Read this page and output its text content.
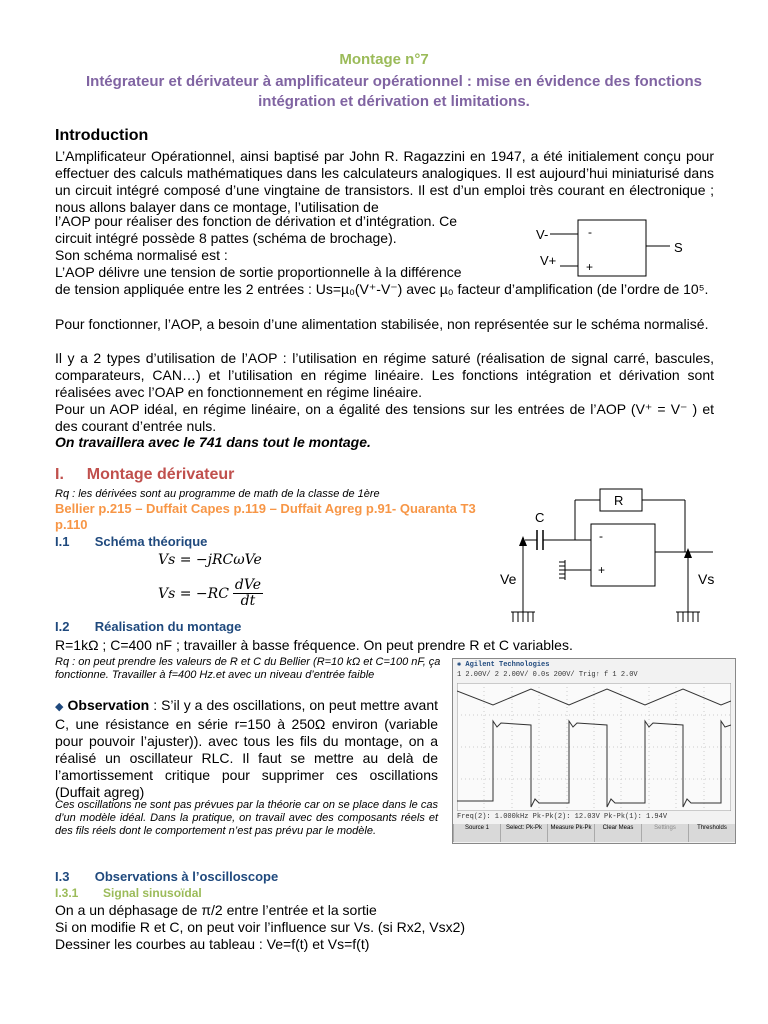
Montage n°7
Intégrateur et dérivateur à amplificateur opérationnel : mise en évidence des fonctions intégration et dérivation et limitations.
Introduction
L’Amplificateur Opérationnel, ainsi baptisé par John R. Ragazzini en 1947, a été initialement conçu pour effectuer des calculs mathématiques dans les calculateurs analogiques. Il est aujourd’hui miniaturisé dans un circuit intégré composé d’une vingtaine de transistors. Il est d’un emploi très courant en électronique ; nous allons balayer dans ce montage, l’utilisation de
l’AOP pour réaliser des fonction de dérivation et d’intégration. Ce
circuit intégré possède 8 pattes (schéma de brochage).
Son schéma normalisé est :
L’AOP délivre une tension de sortie proportionnelle à la différence
de tension appliquée entre les 2 entrées : Us=µ₀(V⁺-V⁻) avec µ₀ facteur d’amplification (de l’ordre de 10⁵.
Pour fonctionner, l’AOP, a besoin d’une alimentation stabilisée, non représentée sur le schéma normalisé.
Il y a 2 types d’utilisation de l’AOP : l’utilisation en régime saturé (réalisation de signal carré, bascules, comparateurs, CAN…) et l’utilisation en régime linéaire. Les fonctions intégration et dérivation sont réalisées avec l’OAP en fonctionnement en régime linéaire.
Pour un AOP idéal, en régime linéaire, on a égalité des tensions sur les entrées de l’AOP (V⁺ = V⁻ ) et des courant d’entrée nuls.
On travaillera avec le 741 dans tout le montage.
V-
V+
-
+
S
I. Montage dérivateur
Rq : les dérivées sont au programme de math de la classe de 1ère
Bellier p.215 – Duffait Capes p.119 – Duffait Agreg p.91- Quaranta T3 p.110
I.1 Schéma théorique
Vs = −jRCωVe
Vs = −RC
dVe
dt
R
C
-
+
Ve	Vs
I.2 Réalisation du montage
R=1kΩ ; C=400 nF ; travailler à basse fréquence. On peut prendre R et C variables.
Rq : on peut prendre les valeurs de R et C du Bellier (R=10 kΩ et C=100 nF, ça fonctionne. Travailler à f=400 Hz.et avec un niveau d’entrée faible
◆ Observation : S’il y a des oscillations, on peut mettre avant C, une résistance en série r=150 à 250Ω environ (variable pour pouvoir l’ajuster)). avec tous les fils du montage, on a réalisé un oscillateur RLC. Il faut se mettre au delà de l’amortissement critique pour supprimer ces oscillations (Duffait agreg)
Ces oscillations ne sont pas prévues par la théorie car on se place dans le cas d’un modèle idéal. Dans la pratique, on travail avec des composants réels et des fils réels dont le comportement n’est pas prévu par le modèle.
✺ Agilent Technologies
1 2.00V/ 2 2.00V/ 0.0s 200V/ Trig↑ f 1 2.0V
Freq(2): 1.000kHz Pk-Pk(2): 12.03V Pk-Pk(1): 1.94V
Source 1	Select: Pk-Pk	Measure Pk-Pk	Clear Meas	Settings	Thresholds
I.3 Observations à l’oscilloscope
I.3.1 Signal sinusoïdal
On a un déphasage de π/2 entre l’entrée et la sortie
Si on modifie R et C, on peut voir l’influence sur Vs. (si Rx2, Vsx2)
Dessiner les courbes au tableau : Ve=f(t) et Vs=f(t)
